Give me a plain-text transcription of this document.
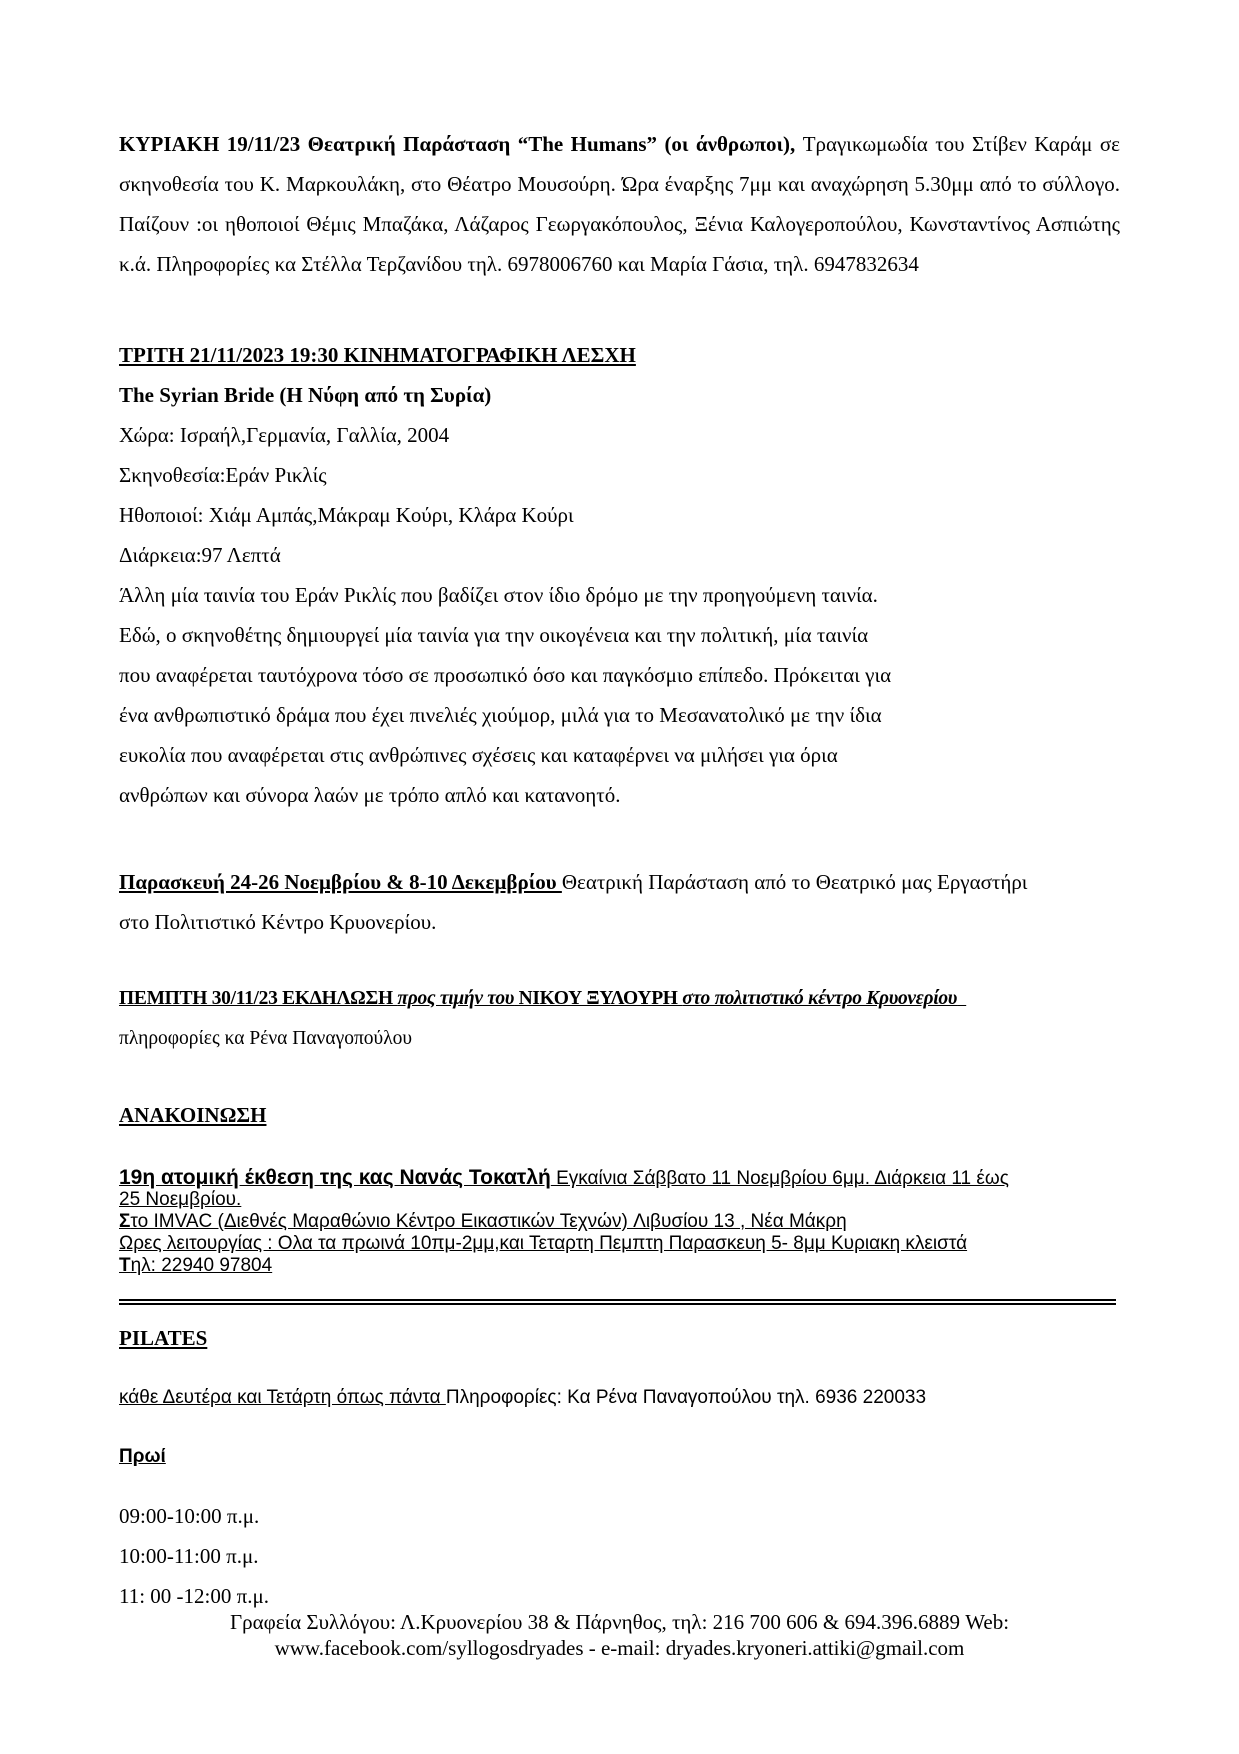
ΚΥΡΙΑΚΗ 19/11/23 Θεατρική Παράσταση “The Humans” (οι άνθρωποι), Τραγικωμωδία του Στίβεν Καράμ σε σκηνοθεσία του Κ. Μαρκουλάκη, στο Θέατρο Μουσούρη. Ώρα έναρξης 7μμ και αναχώρηση 5.30μμ από το σύλλογο. Παίζουν :οι ηθοποιοί Θέμις Μπαζάκα, Λάζαρος Γεωργακόπουλος, Ξένια Καλογεροπούλου, Κωνσταντίνος Ασπιώτης κ.ά. Πληροφορίες κα Στέλλα Τερζανίδου τηλ. 6978006760 και Μαρία Γάσια, τηλ. 6947832634
ΤΡΙΤΗ 21/11/2023 19:30 ΚΙΝΗΜΑΤΟΓΡΑΦΙΚΗ ΛΕΣΧΗ
The Syrian Bride (Η Νύφη από τη Συρία)
Χώρα: Ισραήλ,Γερμανία, Γαλλία, 2004
Σκηνοθεσία:Εράν Ρικλίς
Ηθοποιοί: Χιάμ Αμπάς,Μάκραμ Κούρι, Κλάρα Κούρι
Διάρκεια:97 Λεπτά
Άλλη μία ταινία του Εράν Ρικλίς που βαδίζει στον ίδιο δρόμο με την προηγούμενη ταινία.
Εδώ, ο σκηνοθέτης δημιουργεί μία ταινία για την οικογένεια και την πολιτική, μία ταινία
που αναφέρεται ταυτόχρονα τόσο σε προσωπικό όσο και παγκόσμιο επίπεδο. Πρόκειται για
ένα ανθρωπιστικό δράμα που έχει πινελιές χιούμορ, μιλά για το Μεσανατολικό με την ίδια
ευκολία που αναφέρεται στις ανθρώπινες σχέσεις και καταφέρνει να μιλήσει για όρια
ανθρώπων και σύνορα λαών με τρόπο απλό και κατανοητό.
Παρασκευή 24-26 Νοεμβρίου & 8-10 Δεκεμβρίου Θεατρική Παράσταση από το Θεατρικό μας Εργαστήρι
στο Πολιτιστικό Κέντρο Κρυονερίου.
ΠΕΜΠΤΗ 30/11/23 ΕΚΔΗΛΩΣΗ προς τιμήν του ΝΙΚΟΥ ΞΥΛΟΥΡΗ στο πολιτιστικό κέντρο Κρυονερίου
πληροφορίες κα Ρένα Παναγοπούλου
ΑΝΑΚΟΙΝΩΣΗ
19η ατομική έκθεση της κας Νανάς Τοκατλή Εγκαίνια Σάββατο 11 Νοεμβρίου 6μμ. Διάρκεια 11 έως
25 Νοεμβρίου.
Στο IMVAC (Διεθνές Μαραθώνιο Κέντρο Εικαστικών Τεχνών) Λιβυσίου 13 , Νέα Μάκρη
Ωρες λειτουργίας : Ολα τα πρωινά 10πμ-2μμ,και Τεταρτη Πεμπτη Παρασκευη 5- 8μμ Κυριακη κλειστά
Τηλ: 22940 97804
PILATES
κάθε Δευτέρα και Τετάρτη όπως πάντα Πληροφορίες: Κα Ρένα Παναγοπούλου τηλ. 6936 220033
Πρωί
09:00-10:00 π.μ.
10:00-11:00 π.μ.
11: 00 -12:00 π.μ.
Γραφεία Συλλόγου: Λ.Κρυονερίου 38 & Πάρνηθος, τηλ: 216 700 606 & 694.396.6889 Web:
www.facebook.com/syllogosdryades - e-mail: dryades.kryoneri.attiki@gmail.com
